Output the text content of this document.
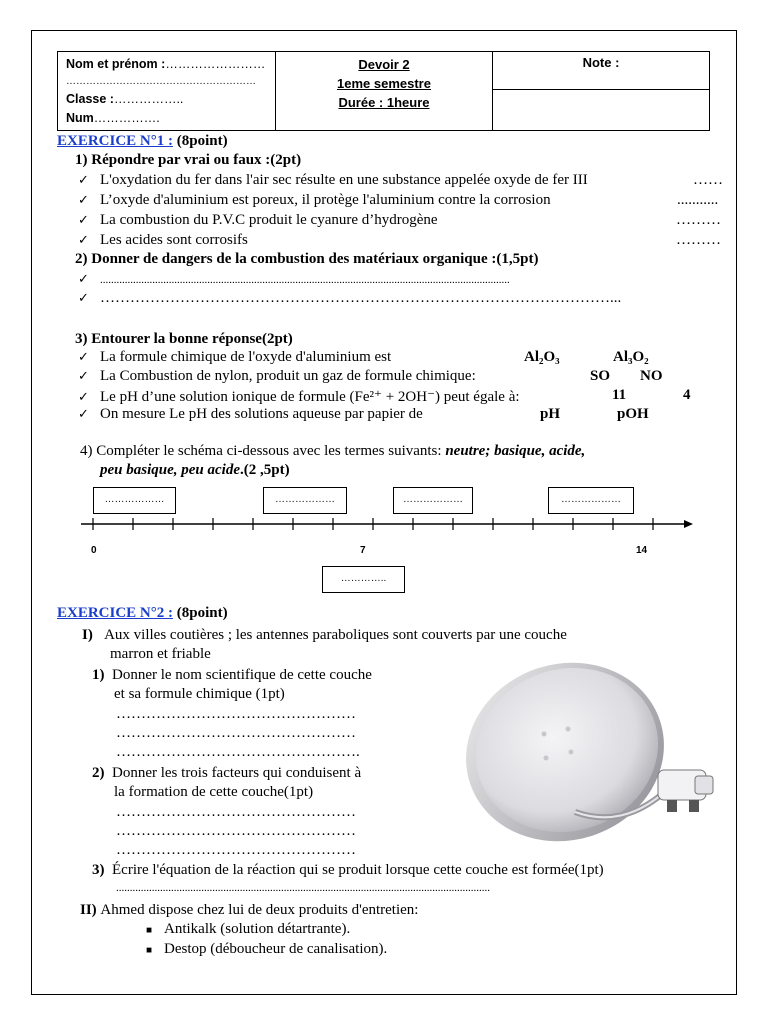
Nom et prénom :……………………
…………………………………………………
Classe :…………….. Num…………….
Devoir 2
1eme semestre
Durée : 1heure
Note :
EXERCICE N°1 : (8point)
1) Répondre par vrai ou faux :(2pt)
✓ L'oxydation du fer dans l'air sec résulte en une substance appelée oxyde de fer III	……
✓ L’oxyde d'aluminium est poreux, il protège l'aluminium contre la corrosion	...........
✓ La combustion du P.V.C produit le cyanure d’hydrogène	………
✓ Les acides sont corrosifs	………
2) Donner de dangers de la combustion des matériaux organique :(1,5pt)
✓ .....................................................................................................................................................
✓ …………………………………………………………………………………………...
3) Entourer la bonne réponse(2pt)
✓ La formule chimique de l'oxyde d'aluminium est	Al₂O₃	Al₃O₂
✓ La Combustion de nylon, produit un gaz de formule chimique:	SO NO
✓ Le pH d’une solution ionique de formule (Fe²⁺ + 2OH⁻) peut égale à:	11	4
✓ On mesure Le pH des solutions aqueuse par papier de	pH	pOH
4) Compléter le schéma ci-dessous avec les termes suivants: neutre; basique, acide,
peu basique, peu acide.(2 ,5pt)
………………	………………	………………	………………
0	7	14
…………..
EXERCICE N°2 : (8point)
I) Aux villes coutières ; les antennes paraboliques sont couverts par une couche
marron et friable
1) Donner le nom scientifique de cette couche
et sa formule chimique (1pt)
…………………………………………
…………………………………………
………………………………………….
2) Donner les trois facteurs qui conduisent à
la formation de cette couche(1pt)
…………………………………………
…………………………………………
…………………………………………
3) Écrire l'équation de la réaction qui se produit lorsque cette couche est formée(1pt)
........................................................................................................................................
II) Ahmed dispose chez lui de deux produits d'entretien:
■ Antikalk (solution détartrante).
■ Destop (déboucheur de canalisation).
